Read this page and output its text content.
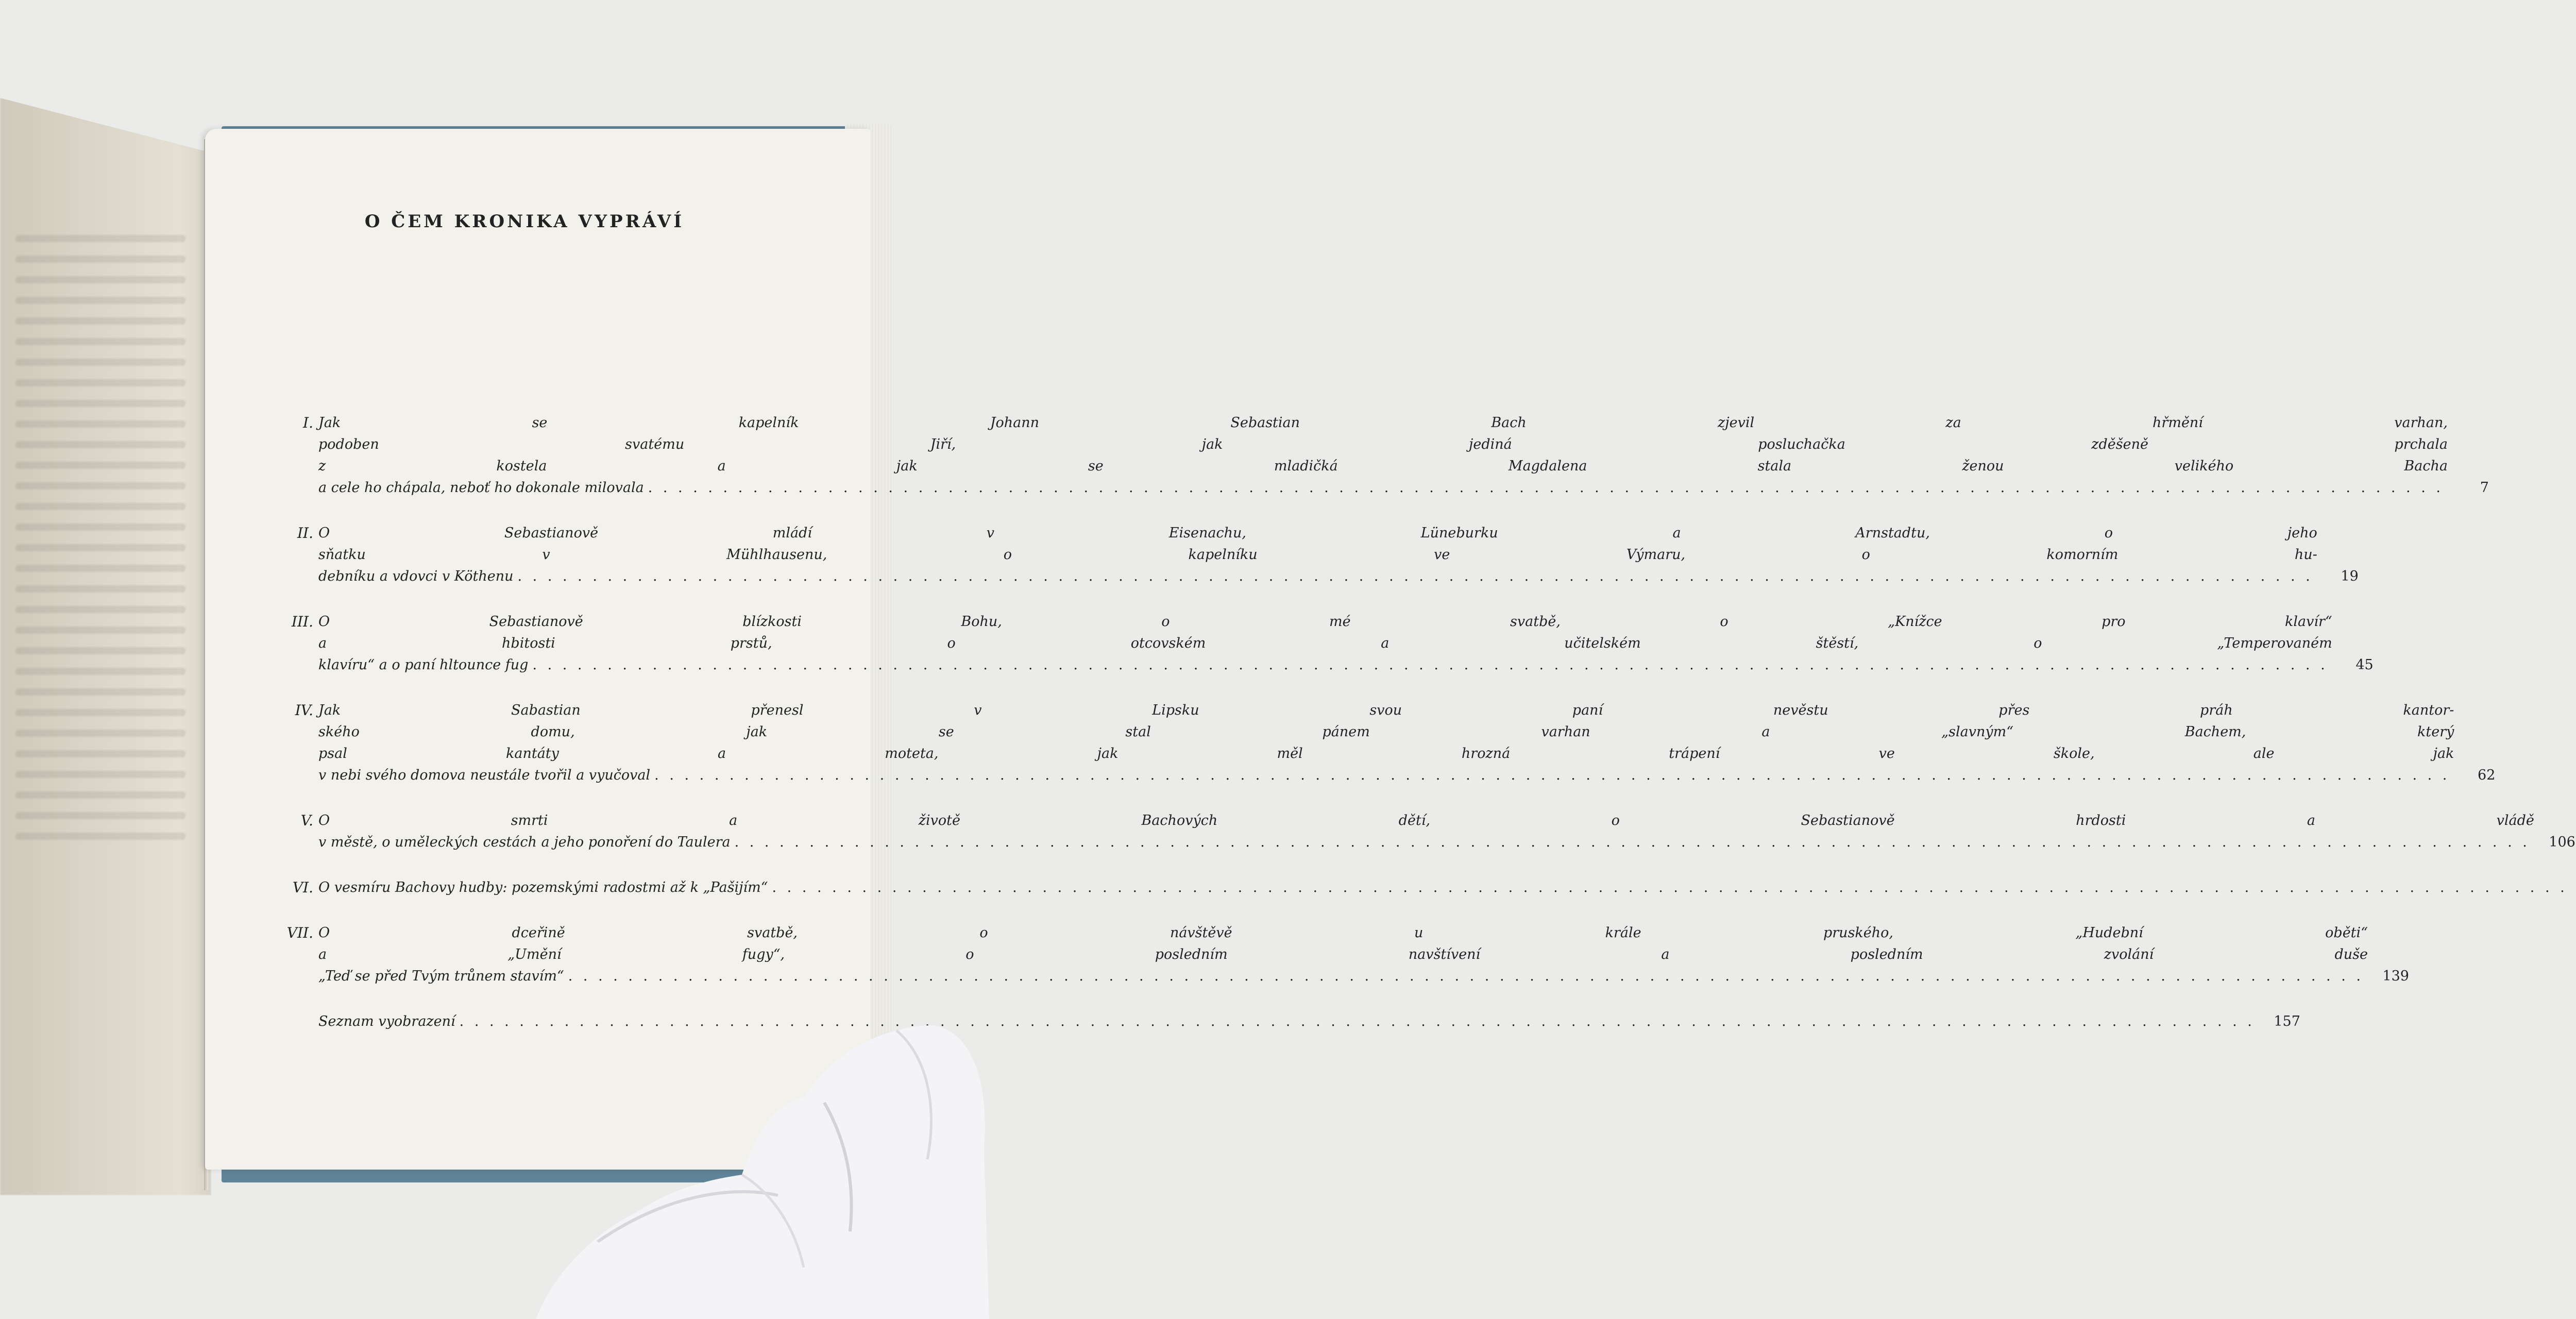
O ČEM KRONIKA VYPRÁVÍ
I. Jak se kapelník Johann Sebastian Bach zjevil za hřmění varhan,
podoben svatému Jiří, jak jediná posluchačka zděšeně prchala
z kostela a jak se mladičká Magdalena stala ženou velikého Bacha
a cele ho chápala, neboť ho dokonale milovala . . . . . . . . . . . . . . . . . . . . . . . . . . . . . . . . . . . . . . . . . . . . . . . . . . . . . . . . . . . . . . . . . . . . . . . . . . . . . . . . . . . . . . . . . . . . . . . . . . . . . . . . . . . . . . . . . . . . . . . .	7
II. O Sebastianově mládí v Eisenachu, Lüneburku a Arnstadtu, o jeho
sňatku v Mühlhausenu, o kapelníku ve Výmaru, o komorním hu-
debníku a vdovci v Köthenu . . . . . . . . . . . . . . . . . . . . . . . . . . . . . . . . . . . . . . . . . . . . . . . . . . . . . . . . . . . . . . . . . . . . . . . . . . . . . . . . . . . . . . . . . . . . . . . . . . . . . . . . . . . . . . . . . . . . . . . .	19
III. O Sebastianově blízkosti Bohu, o mé svatbě, o „Knížce pro klavír“
a hbitosti prstů, o otcovském a učitelském štěstí, o „Temperovaném
klavíru“ a o paní hltounce fug . . . . . . . . . . . . . . . . . . . . . . . . . . . . . . . . . . . . . . . . . . . . . . . . . . . . . . . . . . . . . . . . . . . . . . . . . . . . . . . . . . . . . . . . . . . . . . . . . . . . . . . . . . . . . . . . . . . . . . . .	45
IV. Jak Sabastian přenesl v Lipsku svou paní nevěstu přes práh kantor-
ského domu, jak se stal pánem varhan a „slavným“ Bachem, který
psal kantáty a moteta, jak měl hrozná trápení ve škole, ale jak
v nebi svého domova neustále tvořil a vyučoval . . . . . . . . . . . . . . . . . . . . . . . . . . . . . . . . . . . . . . . . . . . . . . . . . . . . . . . . . . . . . . . . . . . . . . . . . . . . . . . . . . . . . . . . . . . . . . . . . . . . . . . . . . . . . . . . . . . . . . . .	62
V. O smrti a životě Bachových dětí, o Sebastianově hrdosti a vládě
v městě, o uměleckých cestách a jeho ponoření do Taulera . . . . . . . . . . . . . . . . . . . . . . . . . . . . . . . . . . . . . . . . . . . . . . . . . . . . . . . . . . . . . . . . . . . . . . . . . . . . . . . . . . . . . . . . . . . . . . . . . . . . . . . . . . . . . . . . . . . . . . . .	106
VI. O vesmíru Bachovy hudby: pozemskými radostmi až k „Pašijím“ . . . . . . . . . . . . . . . . . . . . . . . . . . . . . . . . . . . . . . . . . . . . . . . . . . . . . . . . . . . . . . . . . . . . . . . . . . . . . . . . . . . . . . . . . . . . . . . . . . . . . . . . . . . . . . . . . . . . . . . .
VII. O dceřině svatbě, o návštěvě u krále pruského, „Hudební oběti“
a „Umění fugy“, o posledním navštívení a posledním zvolání duše
„Teď se před Tvým trůnem stavím“ . . . . . . . . . . . . . . . . . . . . . . . . . . . . . . . . . . . . . . . . . . . . . . . . . . . . . . . . . . . . . . . . . . . . . . . . . . . . . . . . . . . . . . . . . . . . . . . . . . . . . . . . . . . . . . . . . . . . . . . .	139
Seznam vyobrazení . . . . . . . . . . . . . . . . . . . . . . . . . . . . . . . . . . . . . . . . . . . . . . . . . . . . . . . . . . . . . . . . . . . . . . . . . . . . . . . . . . . . . . . . . . . . . . . . . . . . . . . . . . . . . . . . . . . . . . . .	157
